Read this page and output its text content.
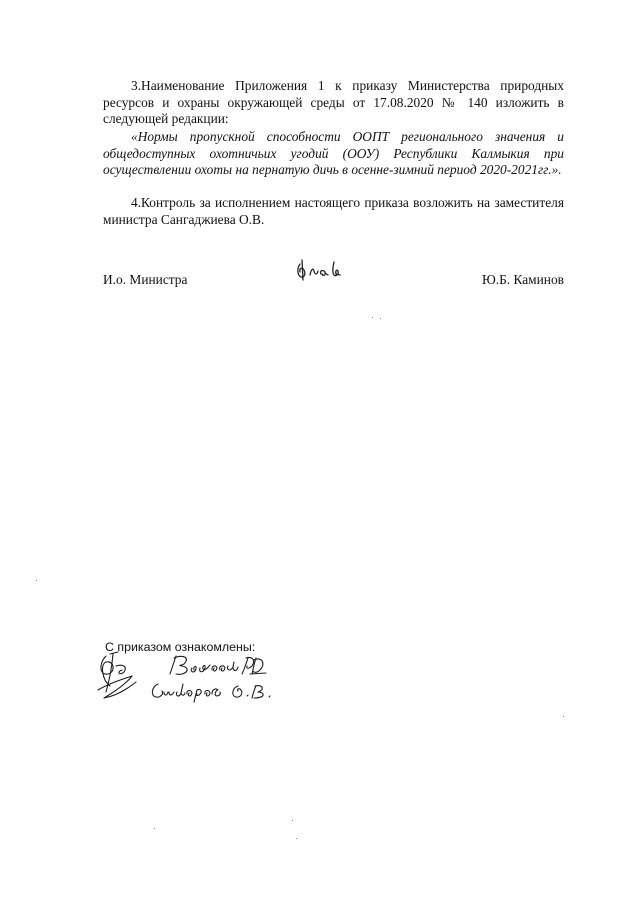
3.Наименование Приложения 1 к приказу Министерства природных ресурсов и охраны окружающей среды от 17.08.2020 № 140 изложить в следующей редакции:
«Нормы пропускной способности ООПТ регионального значения и общедоступных охотничьих угодий (ООУ) Республики Калмыкия при осуществлении охоты на пернатую дичь в осенне-зимний период 2020-2021гг.».
4.Контроль за исполнением настоящего приказа возложить на заместителя министра Сангаджиева О.В.
И.о. Министра	Ю.Б. Каминов
С приказом ознакомлены:
